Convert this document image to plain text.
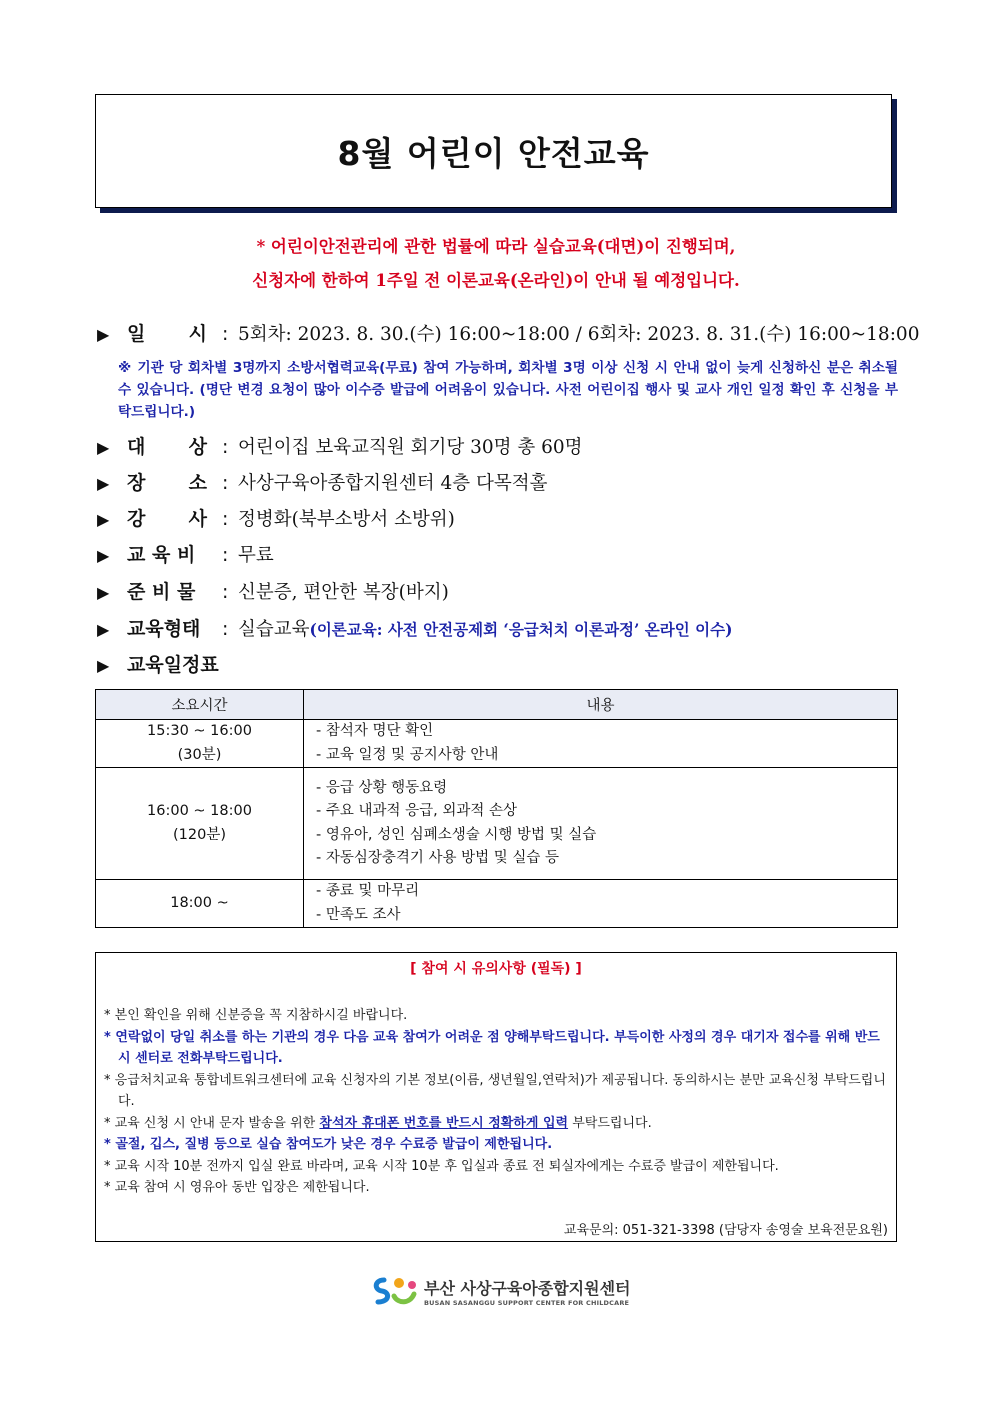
8월 어린이 안전교육
* 어린이안전관리에 관한 법률에 따라 실습교육(대면)이 진행되며,
신청자에 한하여 1주일 전 이론교육(온라인)이 안내 될 예정입니다.
▶ 일 시 : 5회차: 2023. 8. 30.(수) 16:00~18:00 / 6회차: 2023. 8. 31.(수) 16:00~18:00
※ 기관 당 회차별 3명까지 소방서협력교육(무료) 참여 가능하며, 회차별 3명 이상 신청 시 안내 없이 늦게 신청하신 분은 취소될 수 있습니다. (명단 변경 요청이 많아 이수증 발급에 어려움이 있습니다. 사전 어린이집 행사 및 교사 개인 일정 확인 후 신청을 부탁드립니다.)
▶ 대 상 : 어린이집 보육교직원 회기당 30명 총 60명
▶ 장 소 : 사상구육아종합지원센터 4층 다목적홀
▶ 강 사 : 정병화(북부소방서 소방위)
▶ 교 육 비	: 무료
▶ 준 비 물	: 신분증, 편안한 복장(바지)
▶ 교육형태	: 실습교육 (이론교육: 사전 안전공제회 ‘응급처치 이론과정’ 온라인 이수)
▶ 교육일정표
소요시간	내용

15:30 ~ 16:00
(30분)	- 참석자 명단 확인
- 교육 일정 및 공지사항 안내

16:00 ~ 18:00
(120분)	- 응급 상황 행동요령
- 주요 내과적 응급, 외과적 손상
- 영유아, 성인 심폐소생술 시행 방법 및 실습
- 자동심장충격기 사용 방법 및 실습 등

18:00 ~	- 종료 및 마무리
- 만족도 조사
[ 참여 시 유의사항 (필독) ]
* 본인 확인을 위해 신분증을 꼭 지참하시길 바랍니다.
* 연락없이 당일 취소를 하는 기관의 경우 다음 교육 참여가 어려운 점 양해부탁드립니다. 부득이한 사정의 경우 대기자 접수를 위해 반드시 센터로 전화부탁드립니다.
* 응급처치교육 통합네트워크센터에 교육 신청자의 기본 정보(이름, 생년월일,연락처)가 제공됩니다. 동의하시는 분만 교육신청 부탁드립니다.
* 교육 신청 시 안내 문자 발송을 위한 참석자 휴대폰 번호를 반드시 정확하게 입력 부탁드립니다.
* 골절, 깁스, 질병 등으로 실습 참여도가 낮은 경우 수료증 발급이 제한됩니다.
* 교육 시작 10분 전까지 입실 완료 바라며, 교육 시작 10분 후 입실과 종료 전 퇴실자에게는 수료증 발급이 제한됩니다.
* 교육 참여 시 영유아 동반 입장은 제한됩니다.
교육문의: 051-321-3398 (담당자 송영술 보육전문요원)
부산 사상구육아종합지원센터
BUSAN SASANGGU SUPPORT CENTER FOR CHILDCARE
